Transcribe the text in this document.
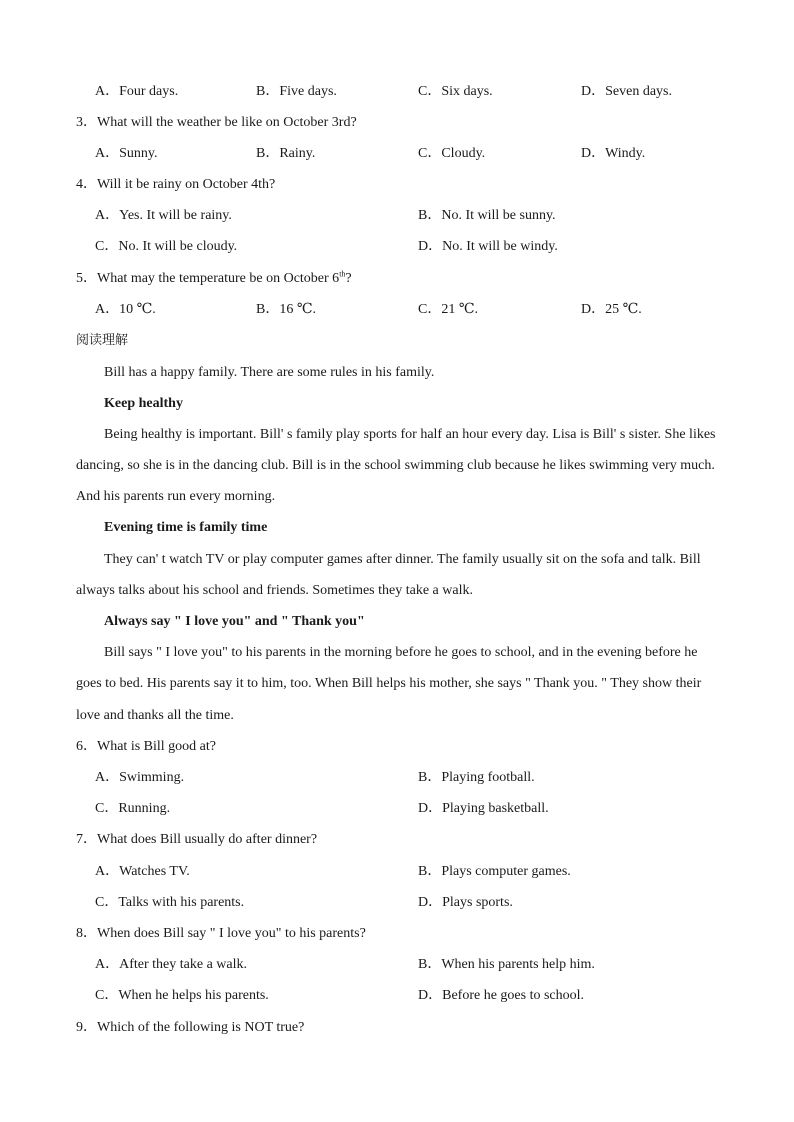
A．Four days.	B．Five days.	C．Six days.	D．Seven days.
3．What will the weather be like on October 3rd?
A．Sunny.	B．Rainy.	C．Cloudy.	D．Windy.
4．Will it be rainy on October 4th?
A．Yes. It will be rainy.	B．No. It will be sunny.
C．No. It will be cloudy.	D．No. It will be windy.
5．What may the temperature be on October 6th?
A．10 ℃.	B．16 ℃.	C．21 ℃.	D．25 ℃.
阅读理解
Bill has a happy family. There are some rules in his family.
Keep healthy
Being healthy is important. Bill' s family play sports for half an hour every day. Lisa is Bill' s sister. She likes
dancing, so she is in the dancing club. Bill is in the school swimming club because he likes swimming very much.
And his parents run every morning.
Evening time is family time
They can' t watch TV or play computer games after dinner. The family usually sit on the sofa and talk. Bill
always talks about his school and friends. Sometimes they take a walk.
Always say " I love you" and " Thank you"
Bill says " I love you" to his parents in the morning before he goes to school, and in the evening before he
goes to bed. His parents say it to him, too. When Bill helps his mother, she says " Thank you. " They show their
love and thanks all the time.
6．What is Bill good at?
A．Swimming.	B．Playing football.
C．Running.	D．Playing basketball.
7．What does Bill usually do after dinner?
A．Watches TV.	B．Plays computer games.
C．Talks with his parents.	D．Plays sports.
8．When does Bill say " I love you" to his parents?
A．After they take a walk.	B．When his parents help him.
C．When he helps his parents.	D．Before he goes to school.
9．Which of the following is NOT true?
